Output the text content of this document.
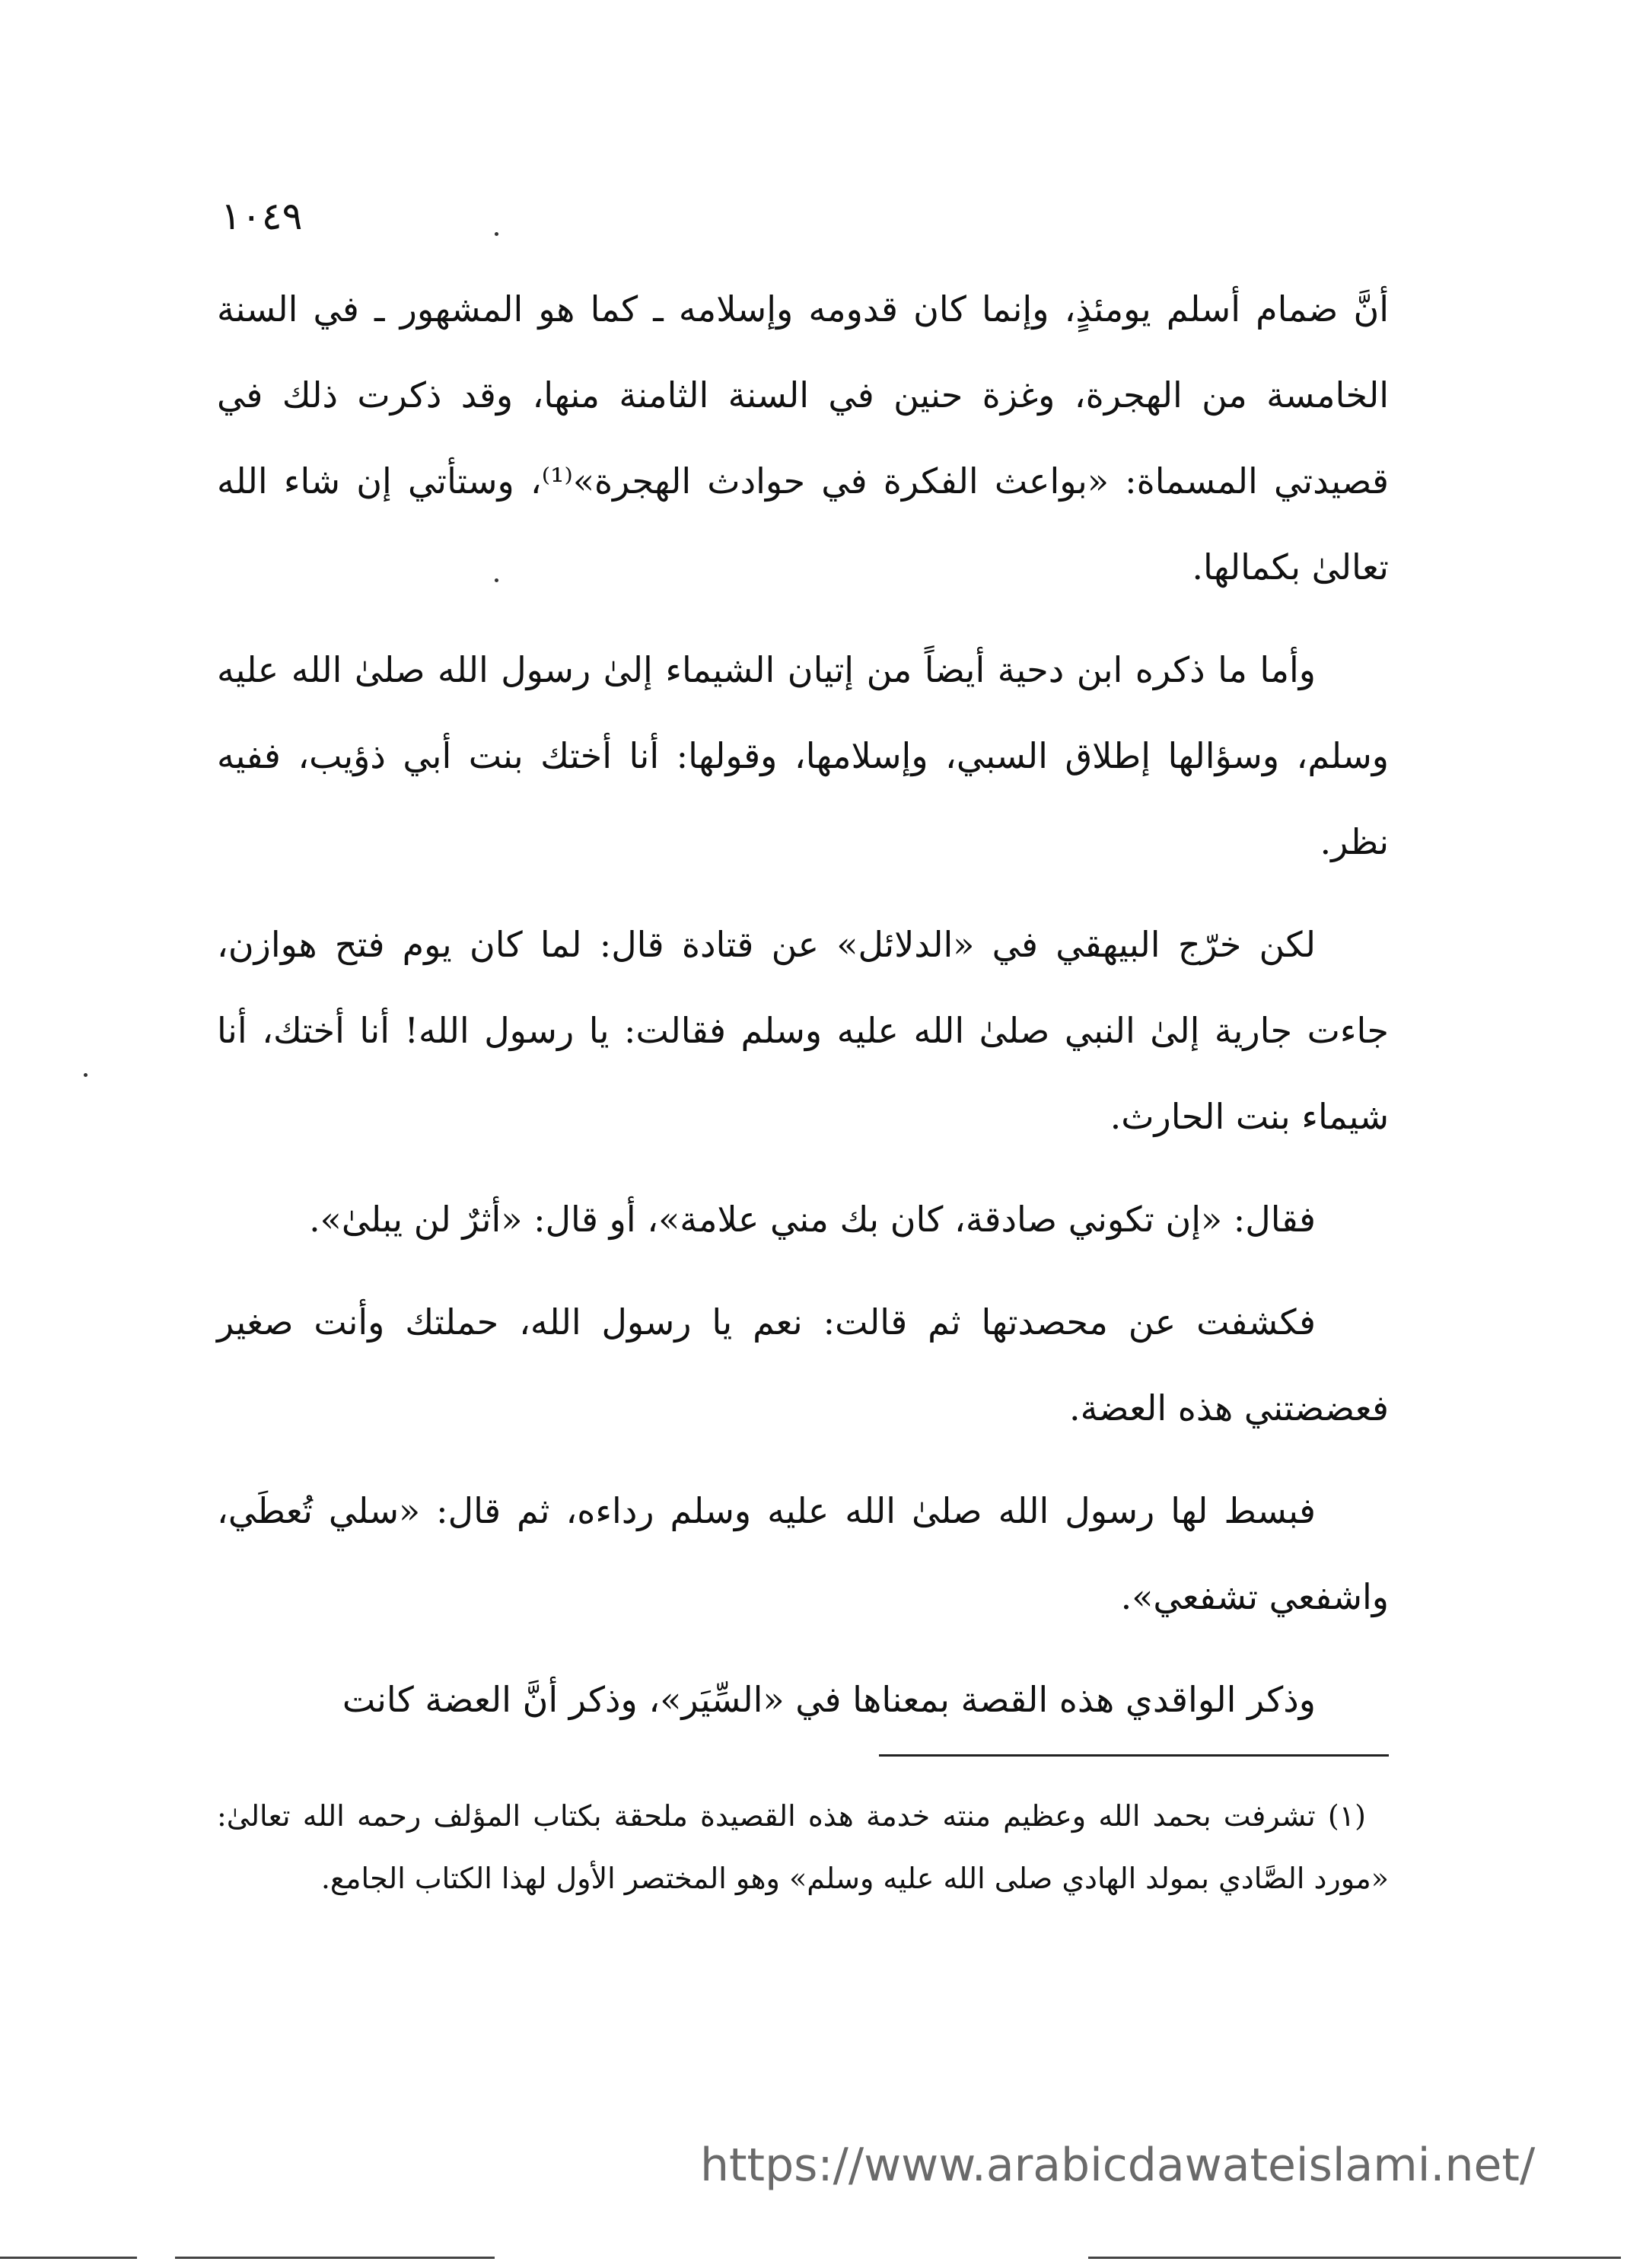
١٠٤٩

أنَّ ضمام أسلم يومئذٍ، وإنما كان قدومه وإسلامه ـ كما هو المشهور ـ في السنة الخامسة من الهجرة، وغزة حنين في السنة الثامنة منها، وقد ذكرت ذلك في قصيدتي المسماة: «بواعث الفكرة في حوادث الهجرة»⁽¹⁾، وستأتي إن شاء الله تعالىٰ بكمالها.

وأما ما ذكره ابن دحية أيضاً من إتيان الشيماء إلىٰ رسول الله صلىٰ الله عليه وسلم، وسؤالها إطلاق السبي، وإسلامها، وقولها: أنا أختك بنت أبي ذؤيب، ففيه نظر.

لكن خرّج البيهقي في «الدلائل» عن قتادة قال: لما كان يوم فتح هوازن، جاءت جارية إلىٰ النبي صلىٰ الله عليه وسلم فقالت: يا رسول الله! أنا أختك، أنا شيماء بنت الحارث.

فقال: «إن تكوني صادقة، كان بك مني علامة»، أو قال: «أثرٌ لن يبلىٰ».

فكشفت عن محصدتها ثم قالت: نعم يا رسول الله، حملتك وأنت صغير فعضضتني هذه العضة.

فبسط لها رسول الله صلىٰ الله عليه وسلم رداءه، ثم قال: «سلي تُعطَي، واشفعي تشفعي».

وذكر الواقدي هذه القصة بمعناها في «السِّيَر»، وذكر أنَّ العضة كانت

(١) تشرفت بحمد الله وعظيم منته خدمة هذه القصيدة ملحقة بكتاب المؤلف رحمه الله تعالىٰ: «مورد الصَّادي بمولد الهادي صلى الله عليه وسلم» وهو المختصر الأول لهذا الكتاب الجامع.

https://www.arabicdawateislami.net/
